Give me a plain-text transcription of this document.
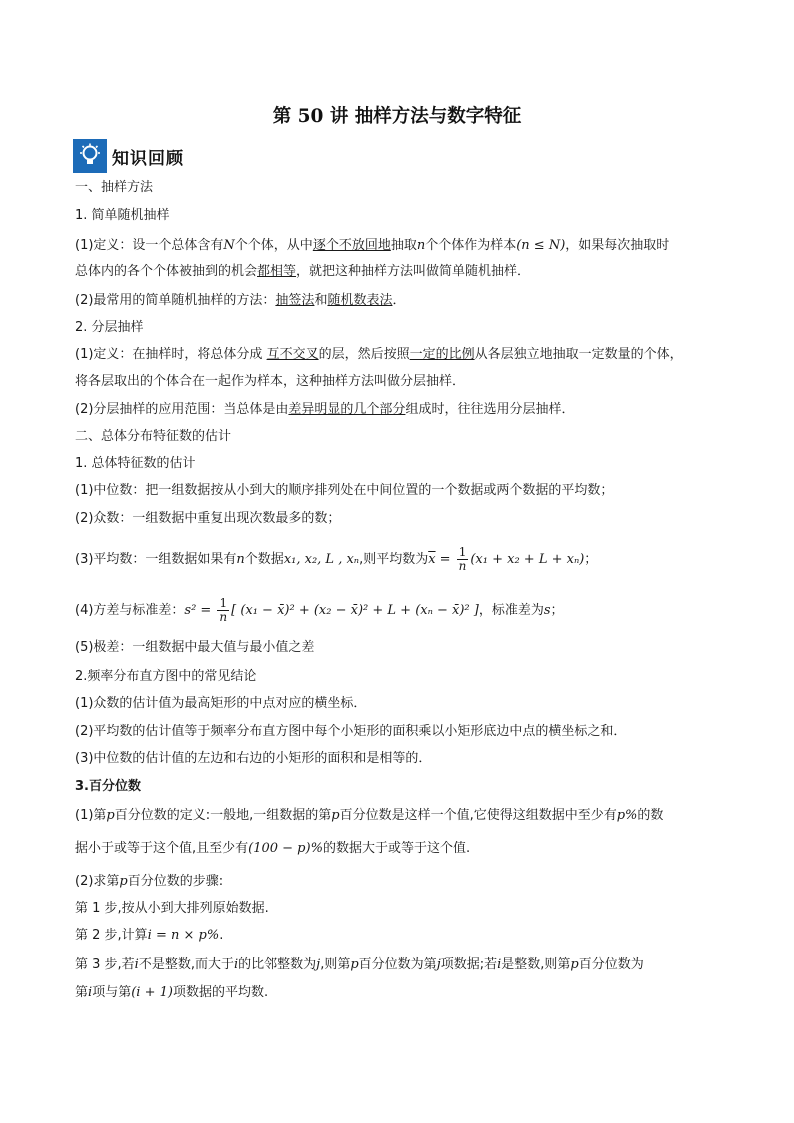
第 50 讲 抽样方法与数字特征
知识回顾
一、抽样方法
1. 简单随机抽样
(1)定义：设一个总体含有N个个体，从中逐个不放回地抽取n个个体作为样本(n ≤ N)，如果每次抽取时
总体内的各个个体被抽到的机会都相等，就把这种抽样方法叫做简单随机抽样．
(2)最常用的简单随机抽样的方法：抽签法和随机数表法．
2. 分层抽样
(1)定义：在抽样时，将总体分成 互不交叉的层，然后按照一定的比例从各层独立地抽取一定数量的个体，
将各层取出的个体合在一起作为样本，这种抽样方法叫做分层抽样．
(2)分层抽样的应用范围：当总体是由差异明显的几个部分组成时，往往选用分层抽样．
二、总体分布特征数的估计
1. 总体特征数的估计
(1)中位数：把一组数据按从小到大的顺序排列处在中间位置的一个数据或两个数据的平均数；
(2)众数：一组数据中重复出现次数最多的数；
(3)平均数：一组数据如果有n个数据x₁, x₂, L , xₙ,则平均数为$\overline{x} = \frac{1}{n} (x_1 + x_2 + L + x_n)$；
(4)方差与标准差：$s^2 = \frac{1}{n}$ [ (x₁ − x̄)² + (x₂ − x̄)² + L + (xₙ − x̄)² ]，标准差为s；
(5)极差：一组数据中最大值与最小值之差
2.频率分布直方图中的常见结论
(1)众数的估计值为最高矩形的中点对应的横坐标．
(2)平均数的估计值等于频率分布直方图中每个小矩形的面积乘以小矩形底边中点的横坐标之和．
(3)中位数的估计值的左边和右边的小矩形的面积和是相等的．
3.百分位数
(1)第p百分位数的定义:一般地,一组数据的第p百分位数是这样一个值,它使得这组数据中至少有p%的数
据小于或等于这个值,且至少有(100 − p)%的数据大于或等于这个值.
(2)求第p百分位数的步骤:
第 1 步,按从小到大排列原始数据.
第 2 步,计算i = n × p%.
第 3 步,若i不是整数,而大于i的比邻整数为j,则第p百分位数为第j项数据;若i是整数,则第p百分位数为
第i项与第(i + 1)项数据的平均数.
